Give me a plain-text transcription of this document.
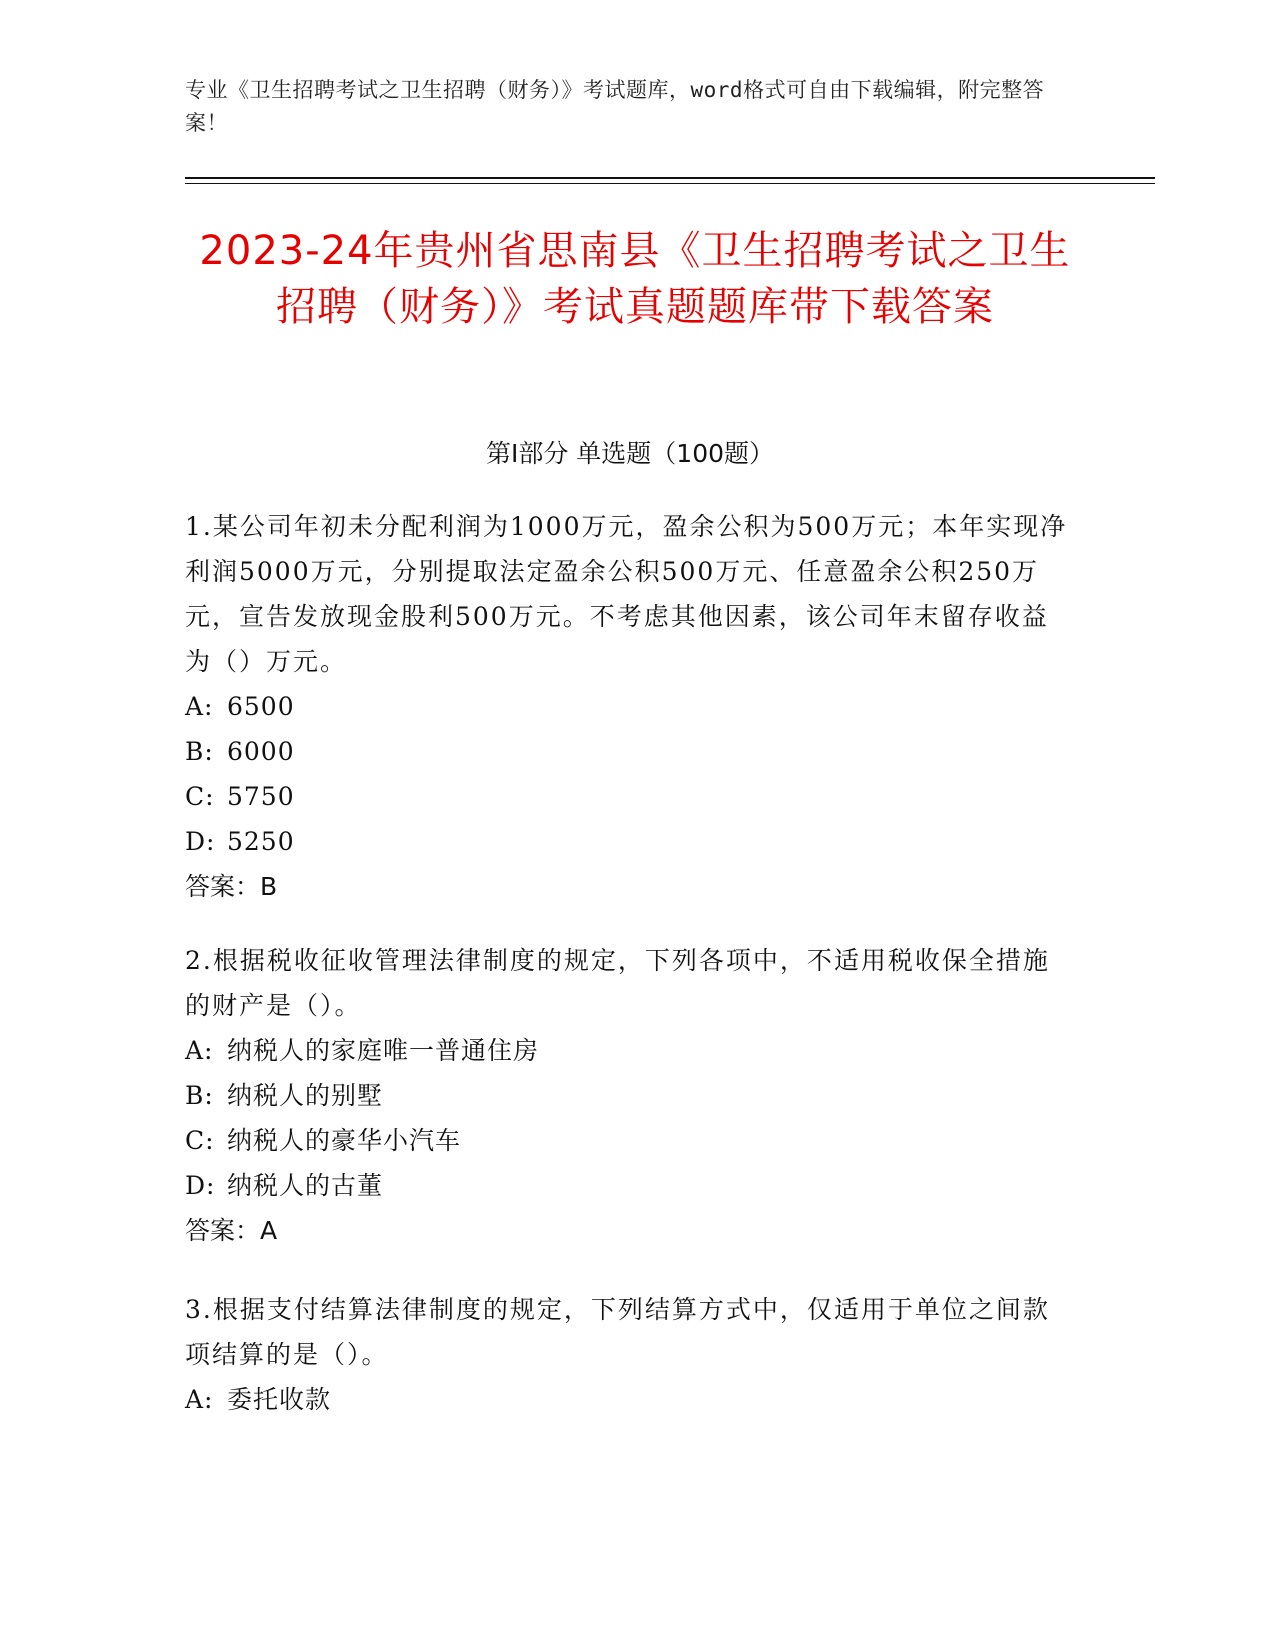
专业《卫生招聘考试之卫生招聘（财务）》考试题库，word格式可自由下载编辑，附完整答案！
2023-24年贵州省思南县《卫生招聘考试之卫生招聘（财务）》考试真题题库带下载答案
第I部分 单选题（100题）

1.某公司年初未分配利润为1000万元，盈余公积为500万元；本年实现净利润5000万元，分别提取法定盈余公积500万元、任意盈余公积250万元，宣告发放现金股利500万元。不考虑其他因素，该公司年末留存收益为（）万元。

A: 6500

B: 6000

C: 5750

D: 5250

答案：B

2.根据税收征收管理法律制度的规定，下列各项中，不适用税收保全措施的财产是（）。

A: 纳税人的家庭唯一普通住房

B: 纳税人的别墅

C: 纳税人的豪华小汽车

D: 纳税人的古董

答案：A

3.根据支付结算法律制度的规定，下列结算方式中，仅适用于单位之间款项结算的是（）。

A: 委托收款
